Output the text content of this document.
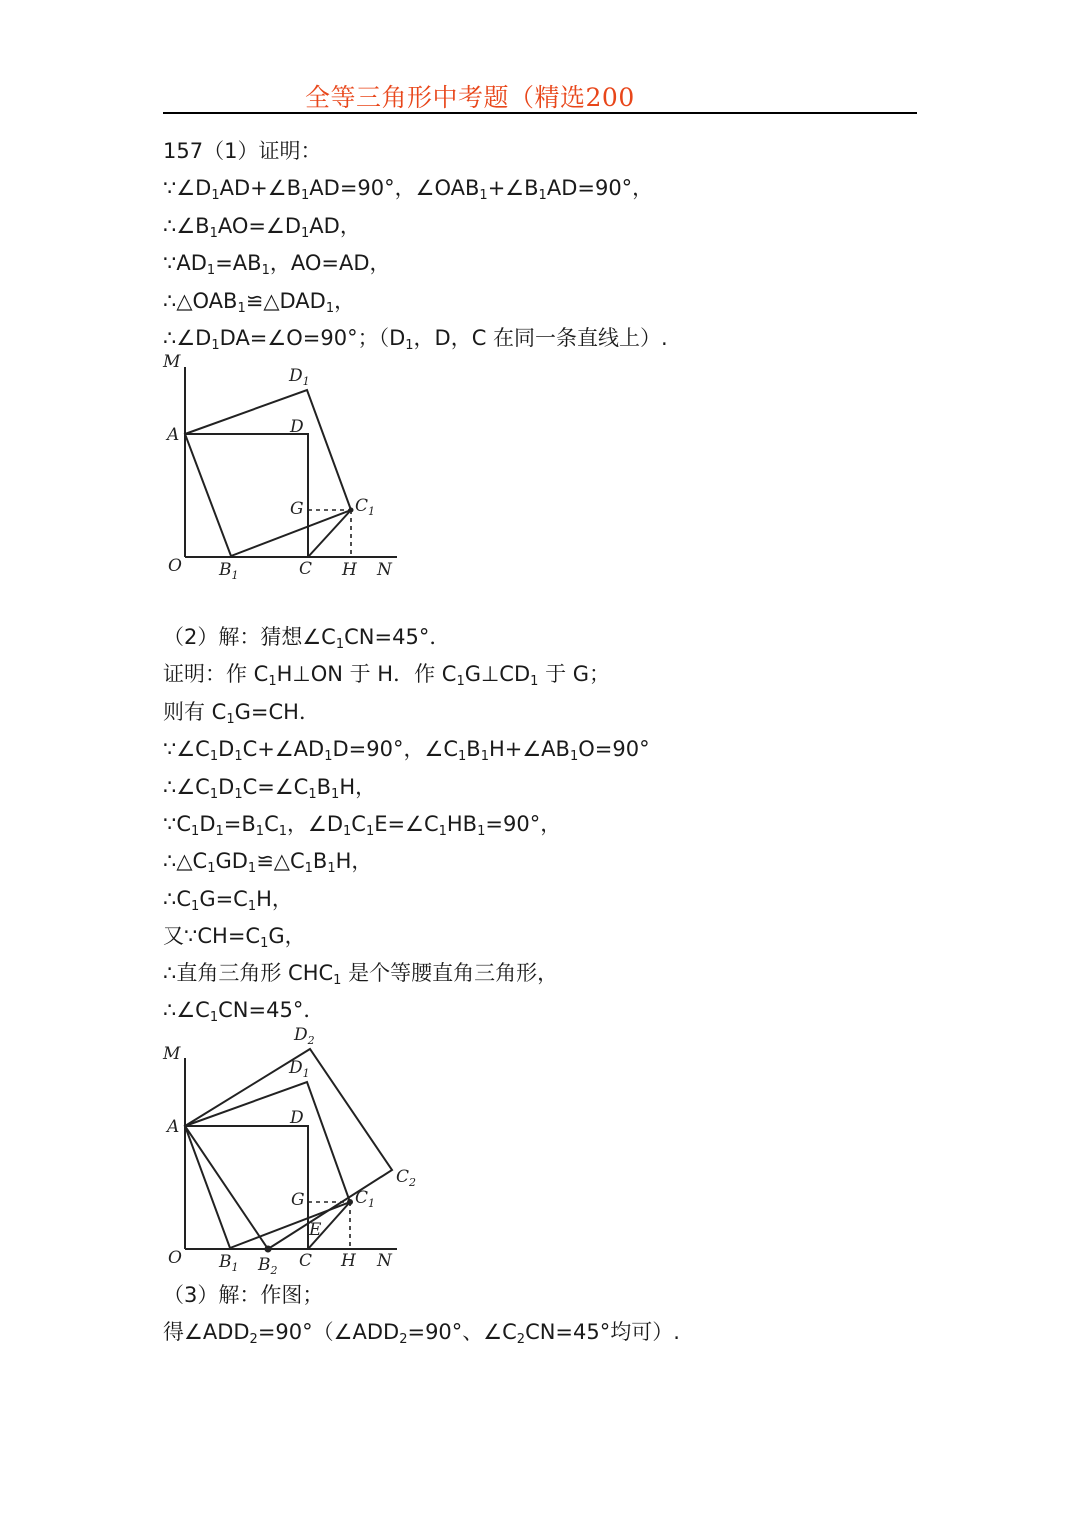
全等三角形中考题（精选200
157（1）证明：
$\because\angle D_1AD+\angle B_1AD=90^\circ$，$\angle OAB_1+\angle B_1AD=90^\circ$，
$\therefore\angle B_1AO=\angle D_1AD$，
$\because AD_1=AB_1$，AO=AD，
$\therefore\triangle OAB_1≌\triangle DAD_1$，
$\therefore\angle D_1DA=\angle O=90^\circ$；（$D_1$，D，C 在同一条直线上）.
M
A
$D_1$
D
G	$C_1$
O $B_1$	C H N
（2）解：猜想$\angle C_1CN=45^\circ$．
证明：作 $C_1H\perp ON$ 于 H．作 $C_1G\perp CD_1$ 于 G；
则有 $C_1G=CH$．
$\because\angle C_1D_1C+\angle AD_1D=90^\circ$，$\angle C_1B_1H+\angle AB_1O=90^\circ$
$\therefore\angle C_1D_1C=\angle C_1B_1H$，
$\because C_1D_1=B_1C_1$，$\angle D_1C_1E=\angle C_1HB_1=90^\circ$，
$\therefore\triangle C_1GD_1≌\triangle C_1B_1H$，
$\therefore C_1G=C_1H$，
又$\because CH=C_1G$，
∴直角三角形 $CHC_1$ 是个等腰直角三角形，
$\therefore\angle C_1CN=45^\circ$．
M
A
$D_2$
$D_1$
D
$C_2$
G	$C_1$
E
O $B_1$ $B_2$ C H N
（3）解：作图；
得$\angle ADD_2=90^\circ(\angle ADD_2=90^\circ$、$\angle C_2CN=45^\circ$均可）.
